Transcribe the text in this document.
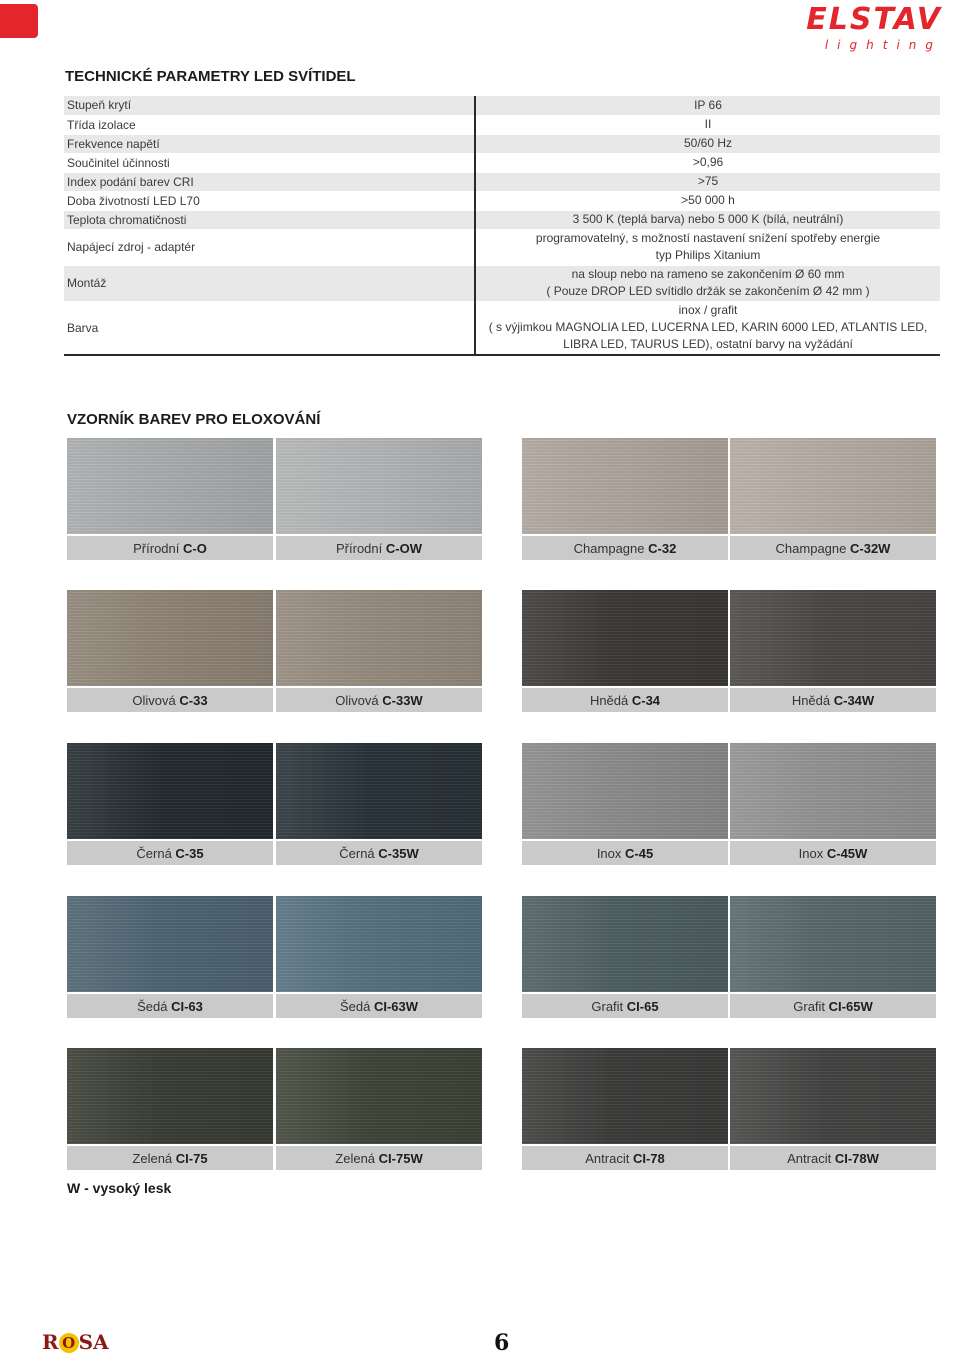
ELSTAV
lighting
TECHNICKÉ PARAMETRY LED SVÍTIDEL
Stupeň krytí	IP 66
Třída izolace	II
Frekvence napětí	50/60 Hz
Součinitel účinnosti	>0,96
Index podání barev CRI	>75
Doba životností LED L70	>50 000 h
Teplota chromatičnosti	3 500 K (teplá barva) nebo 5 000 K (bílá, neutrální)
Napájecí zdroj - adaptér	programovatelný, s možností nastavení snížení spotřeby energie
typ Philips Xitanium

Montáž	na sloup nebo na rameno se zakončením Ø 60 mm
( Pouze DROP LED svítidlo držák se zakončením Ø 42 mm )

Barva	inox / grafit
( s výjimkou MAGNOLIA LED, LUCERNA LED, KARIN 6000 LED, ATLANTIS LED,
LIBRA LED, TAURUS LED), ostatní barvy na vyžádání
VZORNÍK BAREV PRO ELOXOVÁNÍ
Přírodní C-O	Přírodní C-OW	Champagne C-32	Champagne C-32W
Olivová C-33	Olivová C-33W	Hnědá C-34	Hnědá C-34W
Černá C-35	Černá C-35W	Inox C-45	Inox C-45W
Šedá CI-63	Šedá CI-63W	Grafit CI-65	Grafit CI-65W
Zelená CI-75	Zelená CI-75W	Antracit CI-78	Antracit CI-78W
W - vysoký lesk
R O SA	6
